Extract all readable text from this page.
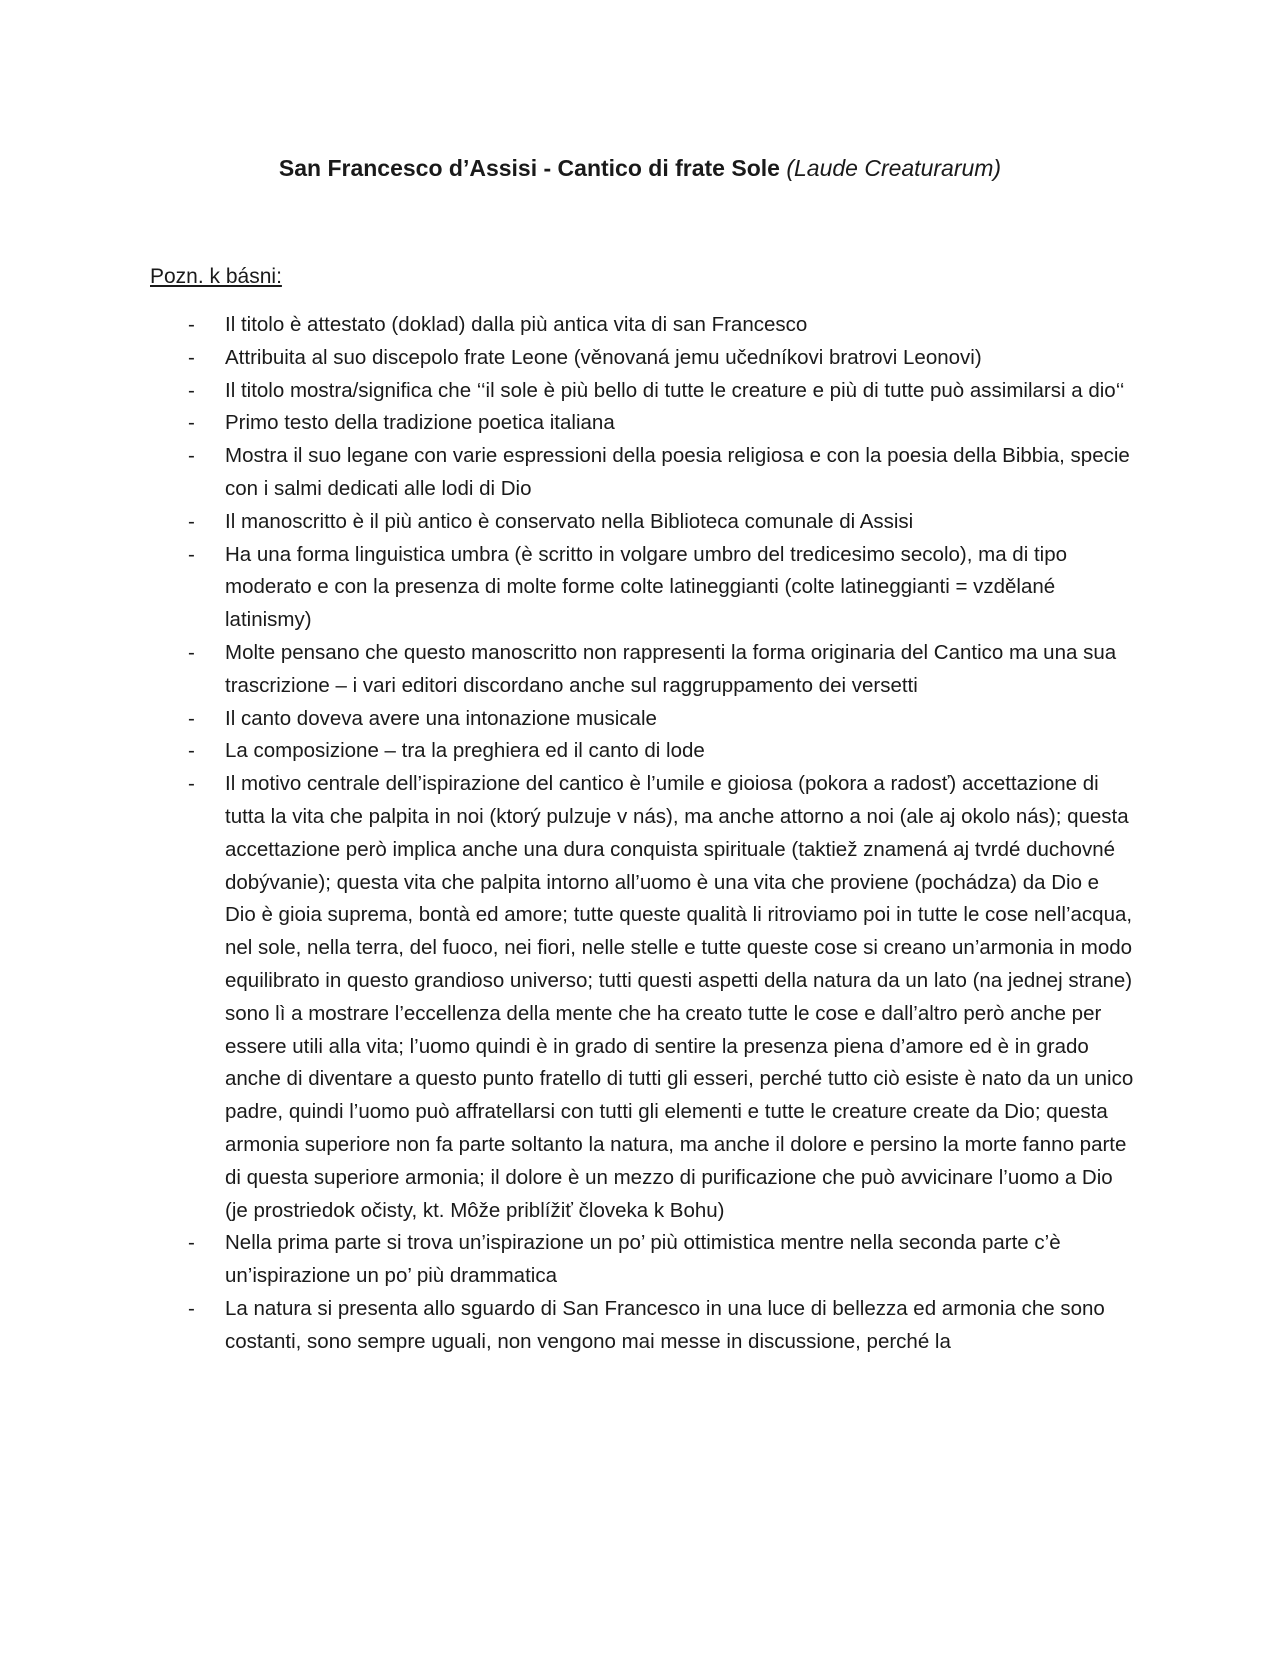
San Francesco d’Assisi - Cantico di frate Sole (Laude Creaturarum)
Pozn. k básni:
- Il titolo è attestato (doklad) dalla più antica vita di san Francesco
- Attribuita al suo discepolo frate Leone (věnovaná jemu učedníkovi bratrovi Leonovi)
- Il titolo mostra/significa che ‘‘il sole è più bello di tutte le creature e più di tutte può assimilarsi a dio‘‘
- Primo testo della tradizione poetica italiana
- Mostra il suo legane con varie espressioni della poesia religiosa e con la poesia della Bibbia, specie con i salmi dedicati alle lodi di Dio
- Il manoscritto è il più antico è conservato nella Biblioteca comunale di Assisi
- Ha una forma linguistica umbra (è scritto in volgare umbro del tredicesimo secolo), ma di tipo moderato e con la presenza di molte forme colte latineggianti (colte latineggianti = vzdělané latinismy)
- Molte pensano che questo manoscritto non rappresenti la forma originaria del Cantico ma una sua trascrizione – i vari editori discordano anche sul raggruppamento dei versetti
- Il canto doveva avere una intonazione musicale
- La composizione – tra la preghiera ed il canto di lode
- Il motivo centrale dell’ispirazione del cantico è l’umile e gioiosa (pokora a radosť) accettazione di tutta la vita che palpita in noi (ktorý pulzuje v nás), ma anche attorno a noi (ale aj okolo nás); questa accettazione però implica anche una dura conquista spirituale (taktiež znamená aj tvrdé duchovné dobývanie); questa vita che palpita intorno all’uomo è una vita che proviene (pochádza) da Dio e Dio è gioia suprema, bontà ed amore; tutte queste qualità li ritroviamo poi in tutte le cose nell’acqua, nel sole, nella terra, del fuoco, nei fiori, nelle stelle e tutte queste cose si creano un’armonia in modo equilibrato in questo grandioso universo; tutti questi aspetti della natura da un lato (na jednej strane) sono lì a mostrare l’eccellenza della mente che ha creato tutte le cose e dall’altro però anche per essere utili alla vita; l’uomo quindi è in grado di sentire la presenza piena d’amore ed è in grado anche di diventare a questo punto fratello di tutti gli esseri, perché tutto ciò esiste è nato da un unico padre, quindi l’uomo può affratellarsi con tutti gli elementi e tutte le creature create da Dio; questa armonia superiore non fa parte soltanto la natura, ma anche il dolore e persino la morte fanno parte di questa superiore armonia; il dolore è un mezzo di purificazione che può avvicinare l’uomo a Dio (je prostriedok očisty, kt. Môže priblížiť človeka k Bohu)
- Nella prima parte si trova un’ispirazione un po’ più ottimistica mentre nella seconda parte c’è un’ispirazione un po’ più drammatica
- La natura si presenta allo sguardo di San Francesco in una luce di bellezza ed armonia che sono costanti, sono sempre uguali, non vengono mai messe in discussione, perché la
